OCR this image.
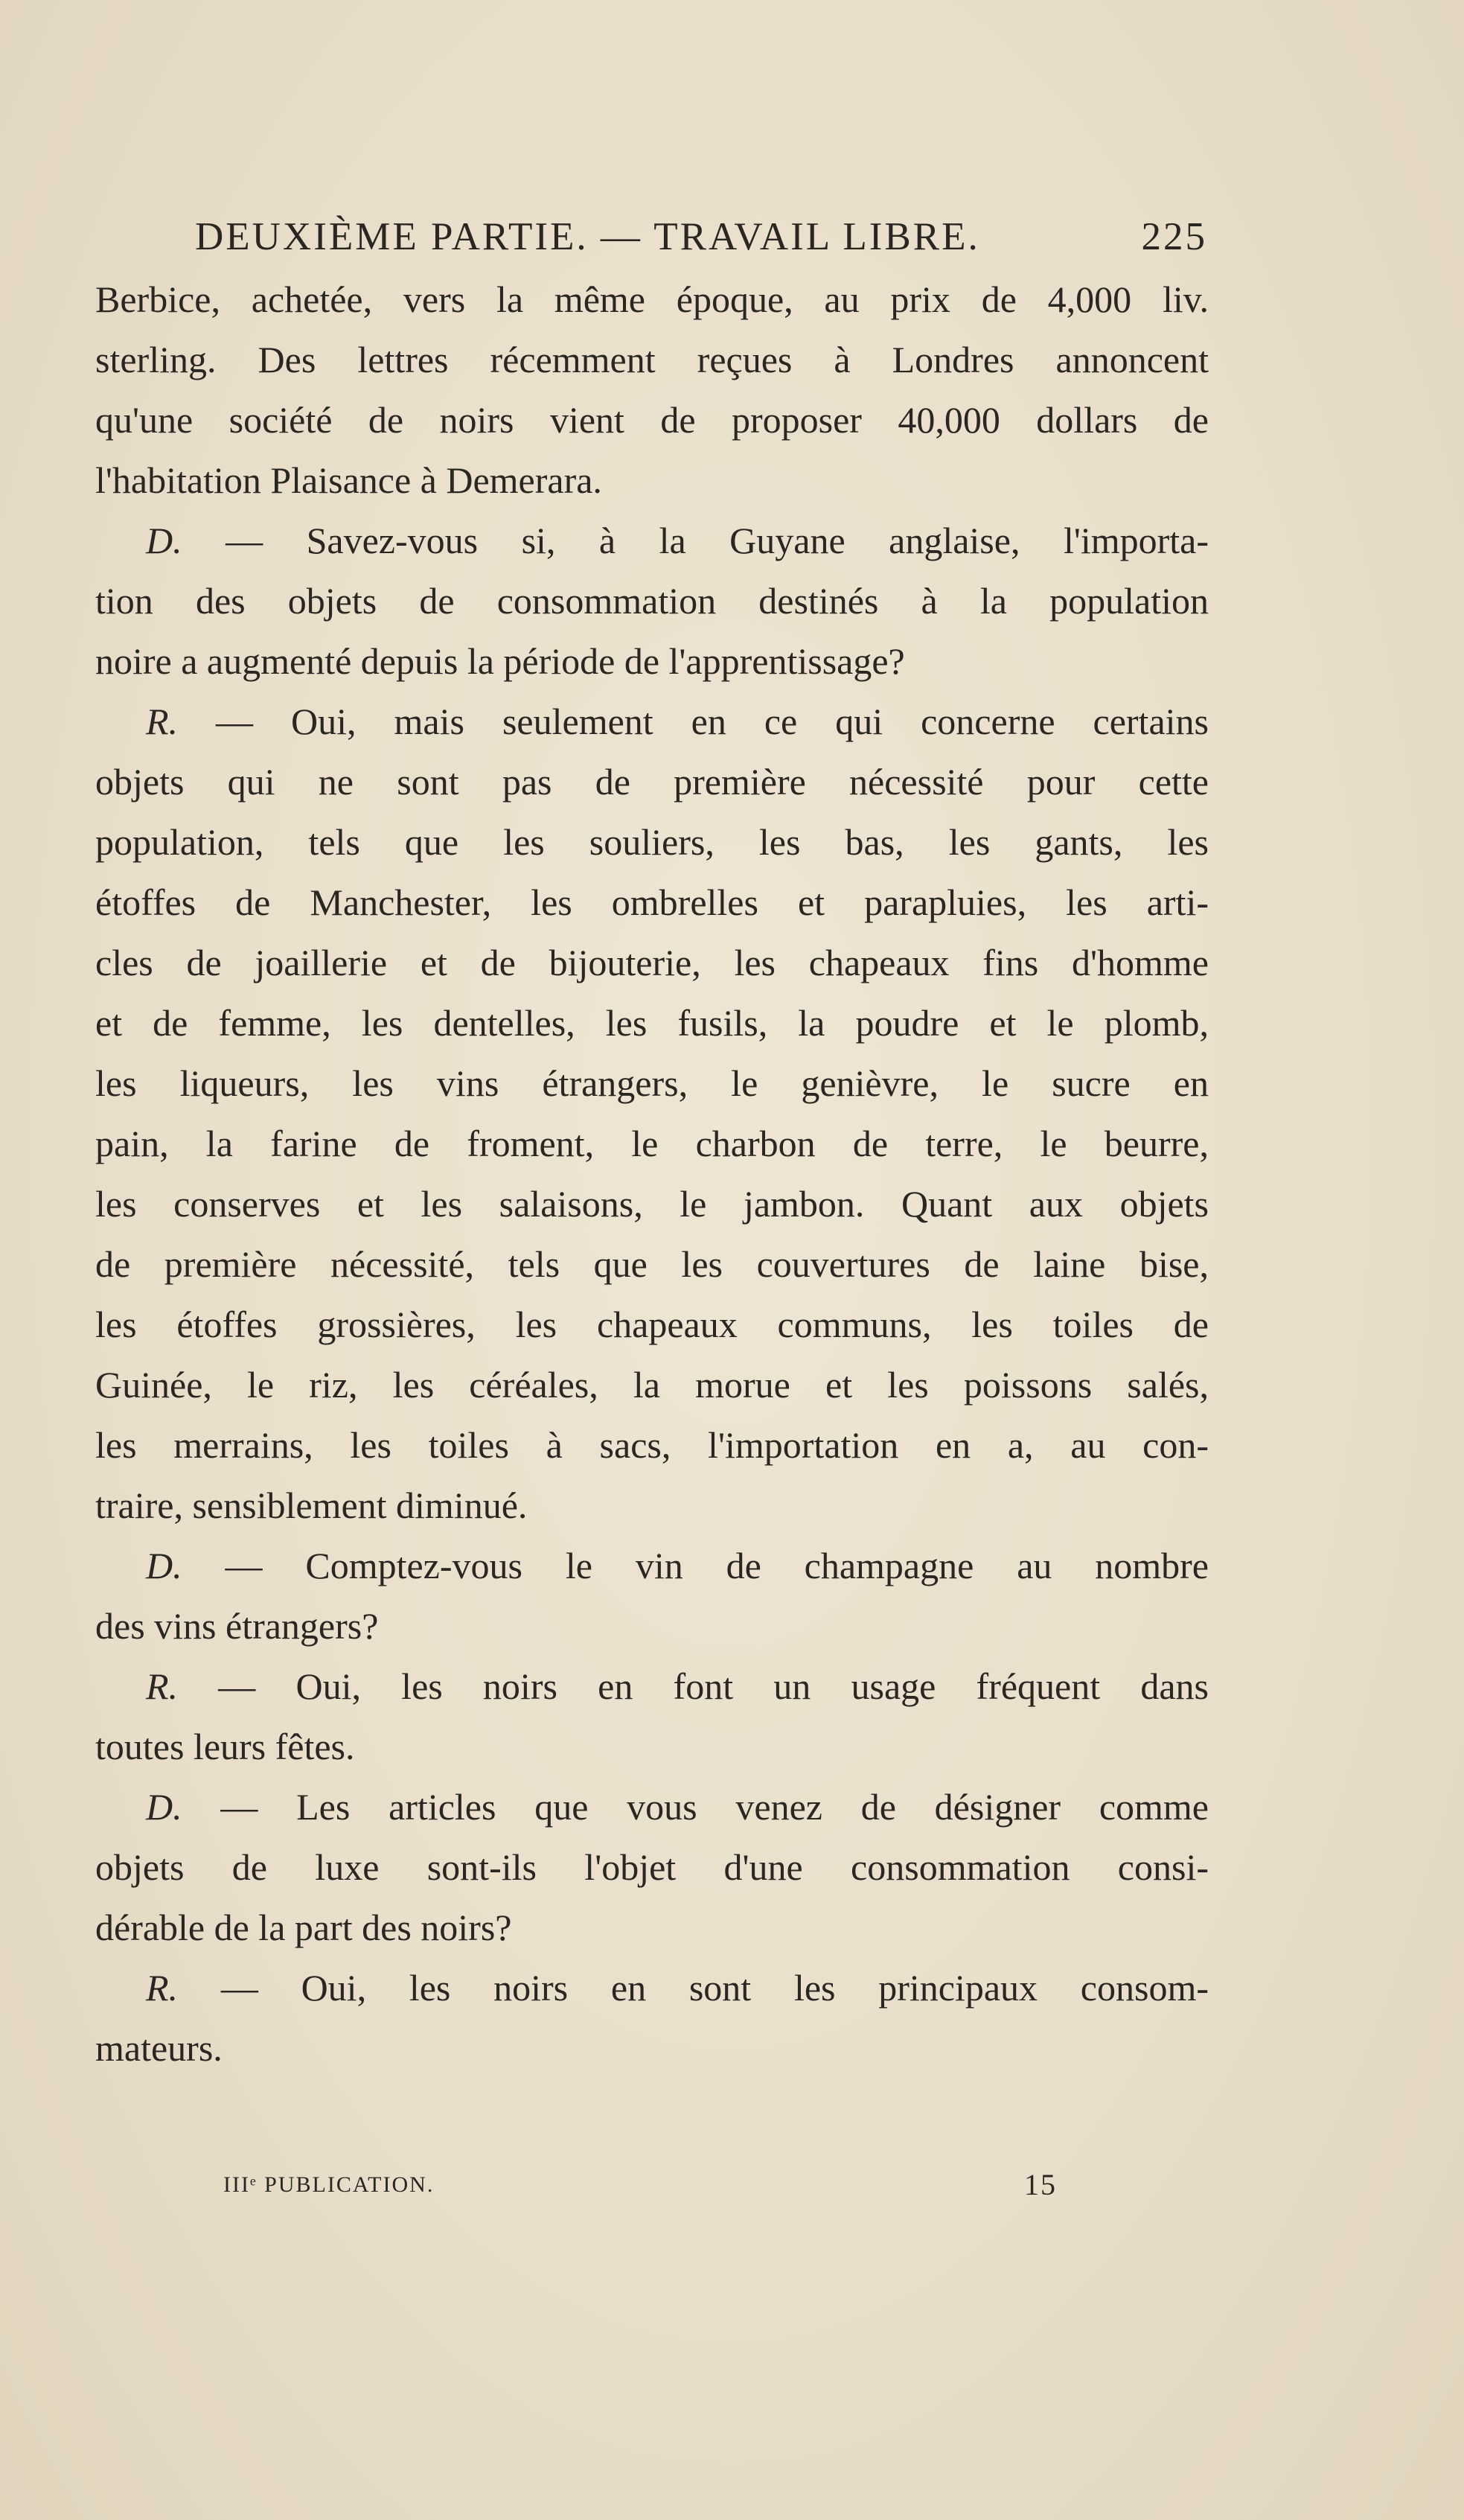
DEUXIÈME PARTIE. — TRAVAIL LIBRE.	225
Berbice, achetée, vers la même époque, au prix de 4,000 liv.
sterling. Des lettres récemment reçues à Londres annoncent
qu'une société de noirs vient de proposer 40,000 dollars de
l'habitation Plaisance à Demerara.
D. — Savez-vous si, à la Guyane anglaise, l'importa-
tion des objets de consommation destinés à la population
noire a augmenté depuis la période de l'apprentissage?
R. — Oui, mais seulement en ce qui concerne certains
objets qui ne sont pas de première nécessité pour cette
population, tels que les souliers, les bas, les gants, les
étoffes de Manchester, les ombrelles et parapluies, les arti-
cles de joaillerie et de bijouterie, les chapeaux fins d'homme
et de femme, les dentelles, les fusils, la poudre et le plomb,
les liqueurs, les vins étrangers, le genièvre, le sucre en
pain, la farine de froment, le charbon de terre, le beurre,
les conserves et les salaisons, le jambon. Quant aux objets
de première nécessité, tels que les couvertures de laine bise,
les étoffes grossières, les chapeaux communs, les toiles de
Guinée, le riz, les céréales, la morue et les poissons salés,
les merrains, les toiles à sacs, l'importation en a, au con-
traire, sensiblement diminué.
D. — Comptez-vous le vin de champagne au nombre
des vins étrangers?
R. — Oui, les noirs en font un usage fréquent dans
toutes leurs fêtes.
D. — Les articles que vous venez de désigner comme
objets de luxe sont-ils l'objet d'une consommation consi-
dérable de la part des noirs?
R. — Oui, les noirs en sont les principaux consom-
mateurs.
IIIᵉ PUBLICATION.	15
